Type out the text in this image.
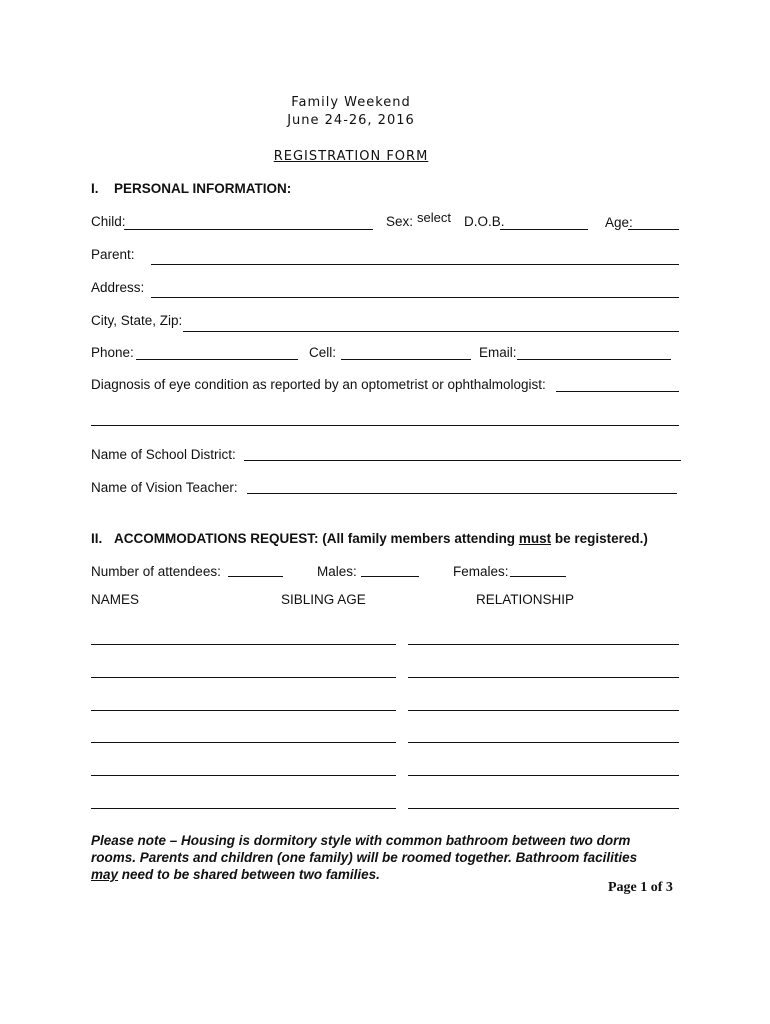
Family Weekend
June 24-26, 2016
REGISTRATION FORM
I. PERSONAL INFORMATION:
Child:	Sex: select D.O.B.	Age:
Parent:
Address:
City, State, Zip:
Phone:	Cell:	Email:
Diagnosis of eye condition as reported by an optometrist or ophthalmologist:
Name of School District:
Name of Vision Teacher:
II. ACCOMMODATIONS REQUEST: (All family members attending must be registered.)
Number of attendees:	Males:	Females:
NAMES	SIBLING AGE	RELATIONSHIP
Please note – Housing is dormitory style with common bathroom between two dorm rooms. Parents and children (one family) will be roomed together. Bathroom facilities may need to be shared between two families.
Page 1 of 3
